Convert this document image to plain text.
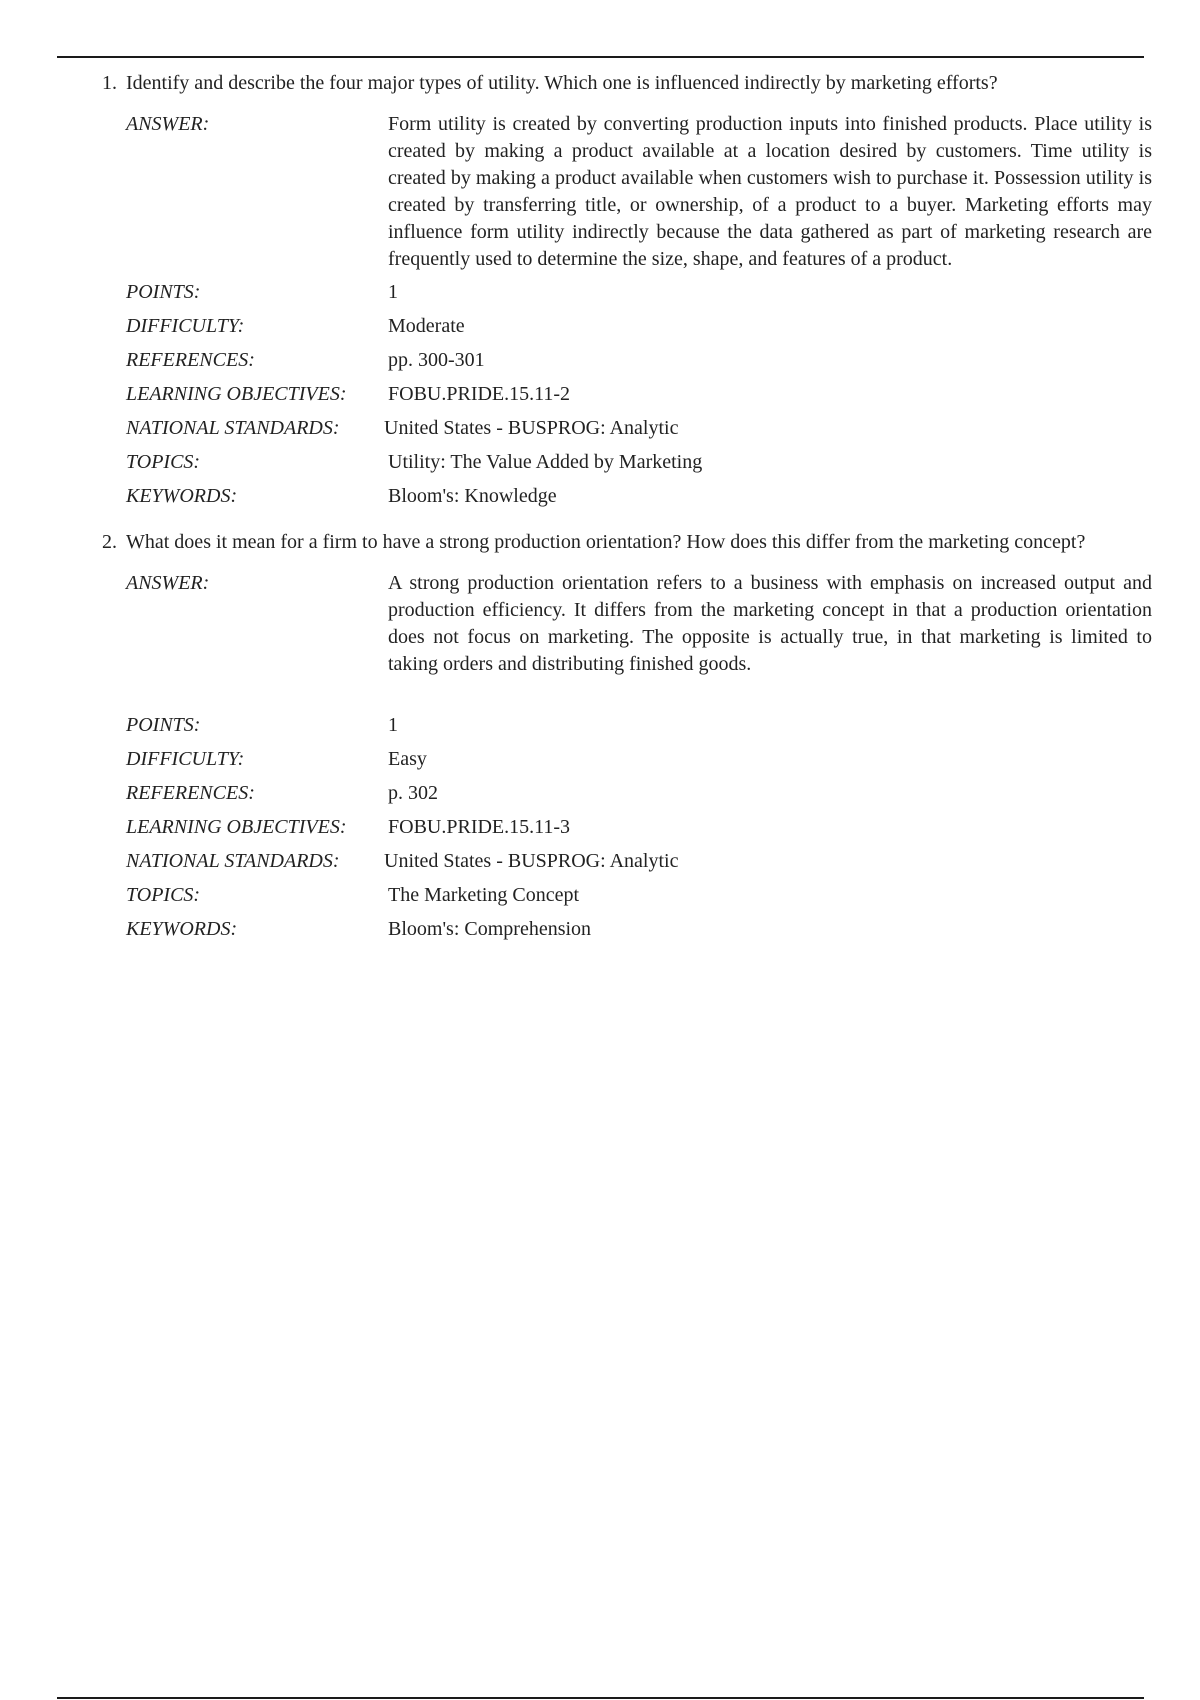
1. Identify and describe the four major types of utility. Which one is influenced indirectly by marketing efforts?
ANSWER:	Form utility is created by converting production inputs into finished products. Place utility is created by making a product available at a location desired by customers. Time utility is created by making a product available when customers wish to purchase it. Possession utility is created by transferring title, or ownership, of a product to a buyer. Marketing efforts may influence form utility indirectly because the data gathered as part of marketing research are frequently used to determine the size, shape, and features of a product.
POINTS:	1
DIFFICULTY:	Moderate
REFERENCES:	pp. 300-301
LEARNING OBJECTIVES:	FOBU.PRIDE.15.11-2
NATIONAL STANDARDS:	United States - BUSPROG: Analytic
TOPICS:	Utility: The Value Added by Marketing
KEYWORDS:	Bloom's: Knowledge
2. What does it mean for a firm to have a strong production orientation? How does this differ from the marketing concept?
ANSWER:	A strong production orientation refers to a business with emphasis on increased output and production efficiency. It differs from the marketing concept in that a production orientation does not focus on marketing. The opposite is actually true, in that marketing is limited to taking orders and distributing finished goods.
POINTS:	1
DIFFICULTY:	Easy
REFERENCES:	p. 302
LEARNING OBJECTIVES:	FOBU.PRIDE.15.11-3
NATIONAL STANDARDS:	United States - BUSPROG: Analytic
TOPICS:	The Marketing Concept
KEYWORDS:	Bloom's: Comprehension
